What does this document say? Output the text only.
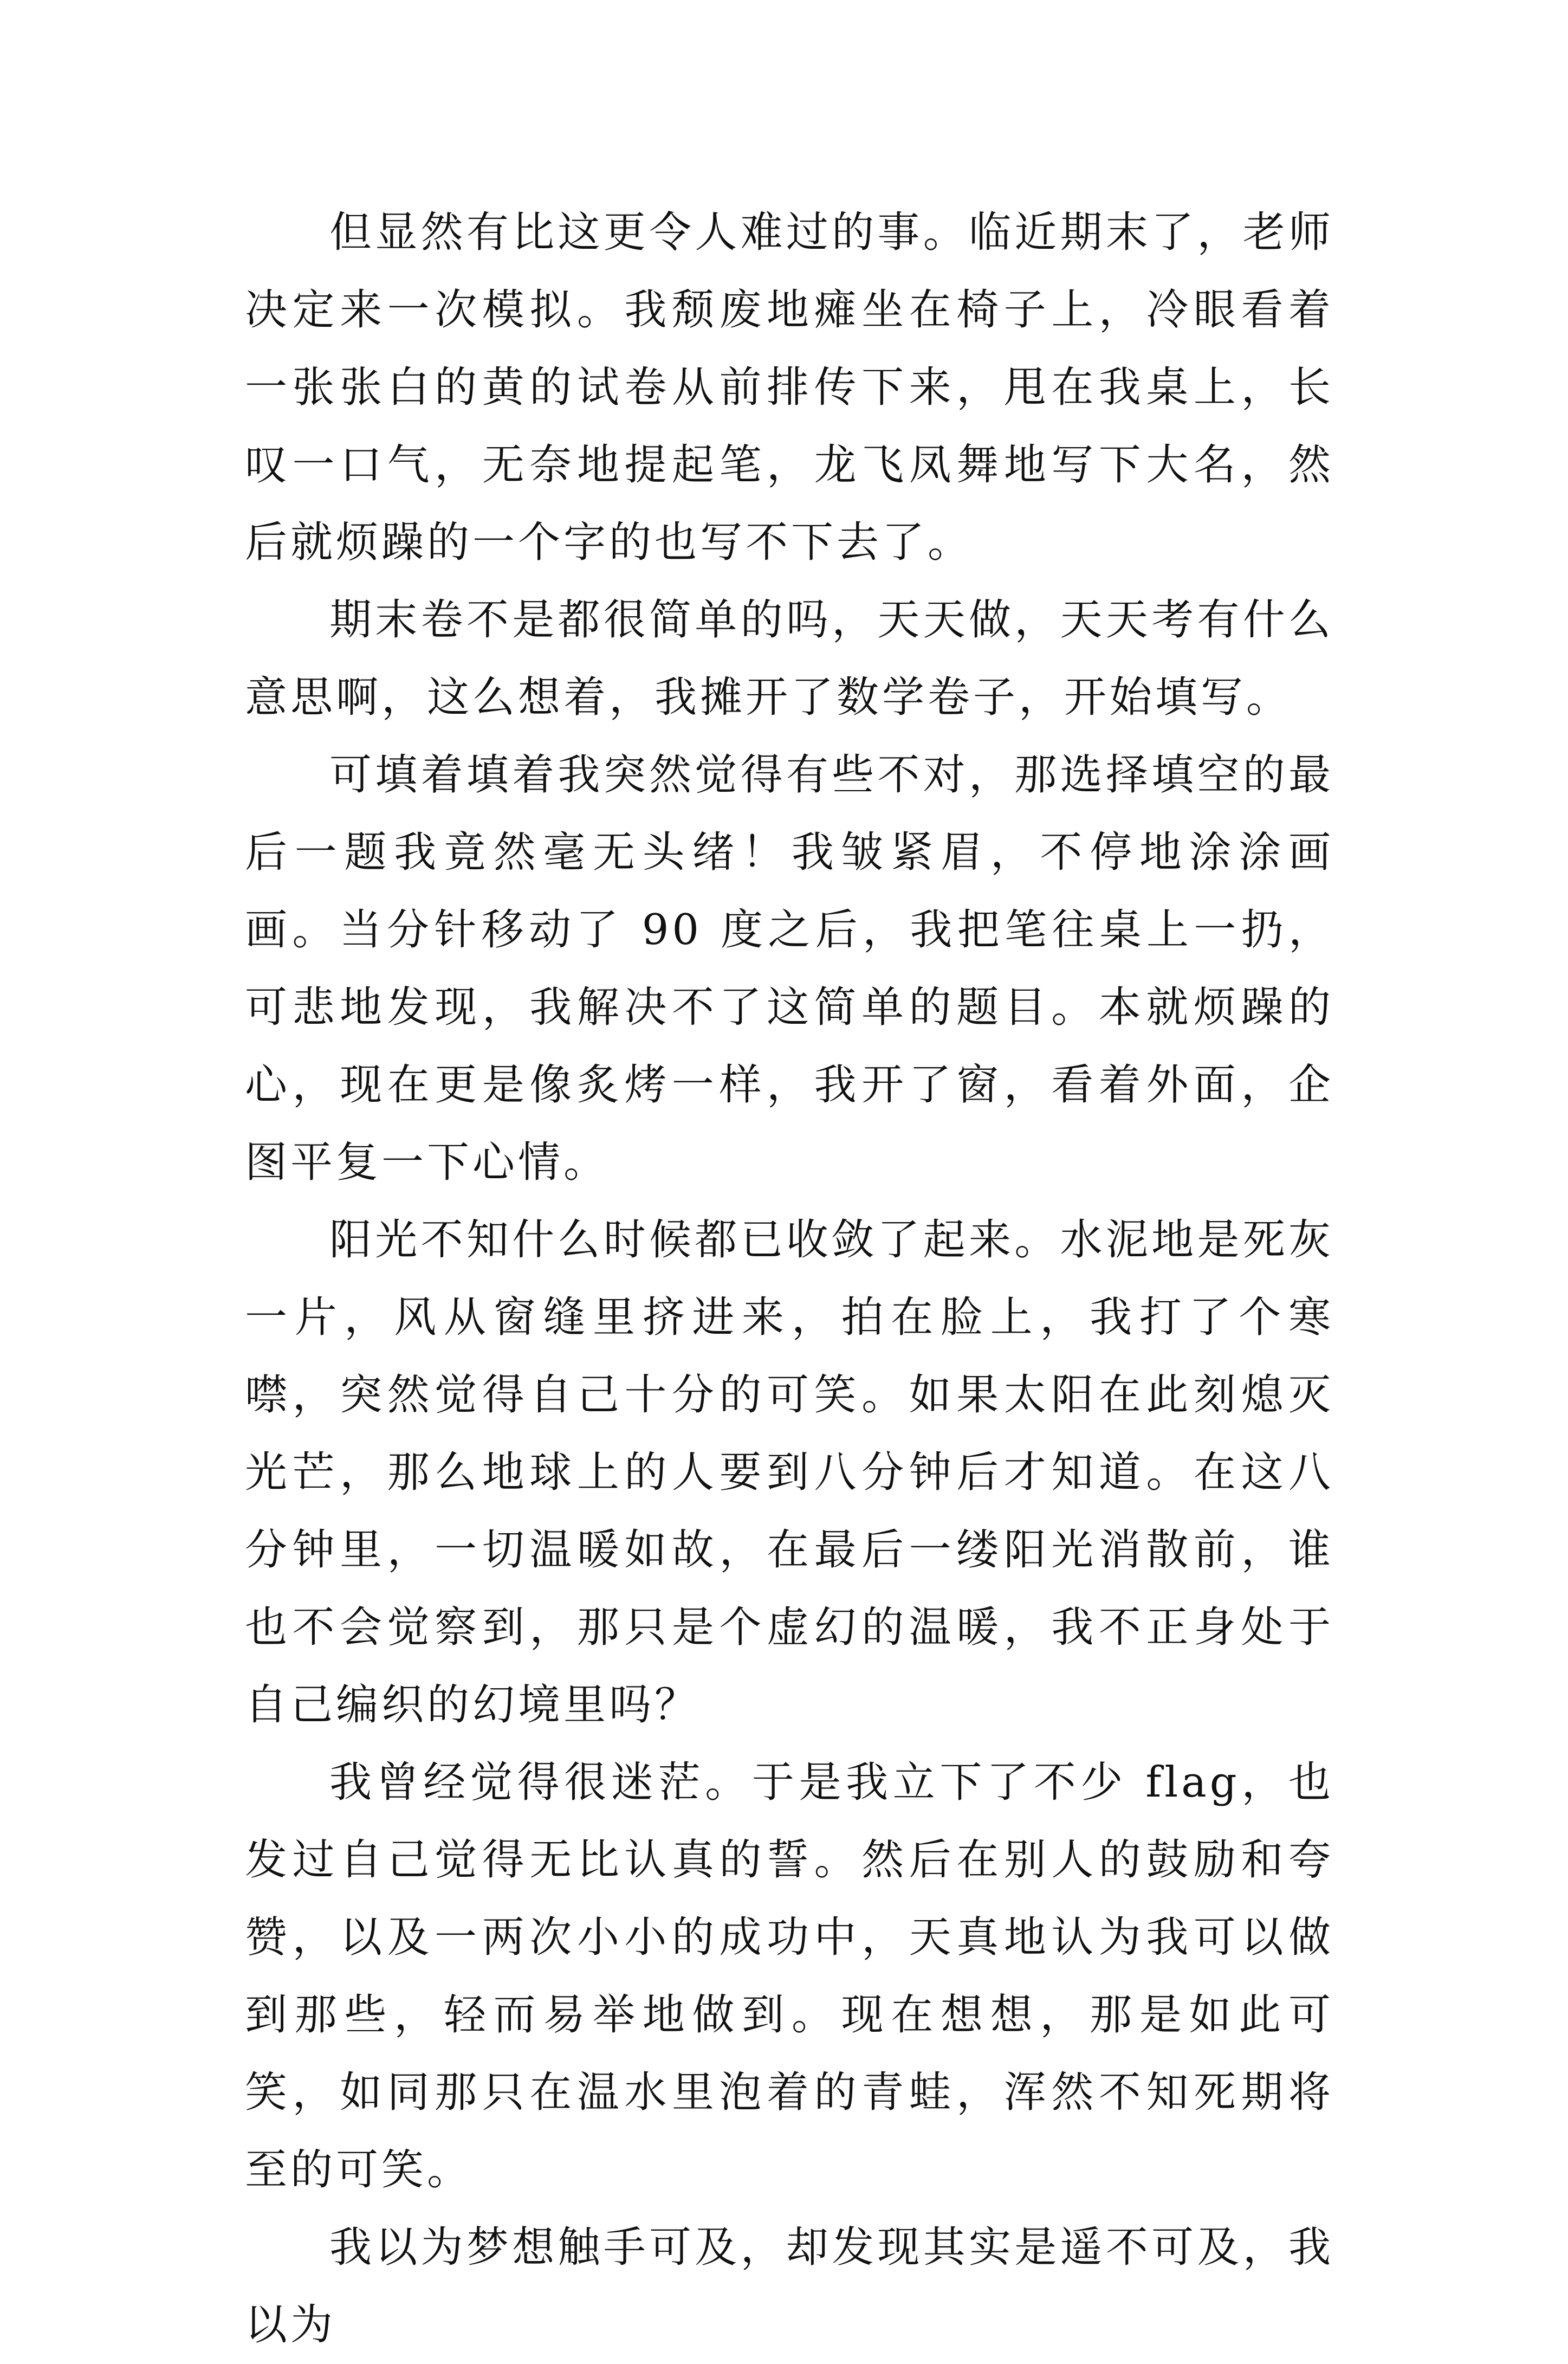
但显然有比这更令人难过的事。临近期末了，老师决定来一次模拟。我颓废地瘫坐在椅子上，冷眼看着一张张白的黄的试卷从前排传下来，甩在我桌上，长叹一口气，无奈地提起笔，龙飞凤舞地写下大名，然后就烦躁的一个字的也写不下去了。

期末卷不是都很简单的吗，天天做，天天考有什么意思啊，这么想着，我摊开了数学卷子，开始填写。

可填着填着我突然觉得有些不对，那选择填空的最后一题我竟然毫无头绪！我皱紧眉，不停地涂涂画画。当分针移动了 90 度之后，我把笔往桌上一扔，可悲地发现，我解决不了这简单的题目。本就烦躁的心，现在更是像炙烤一样，我开了窗，看着外面，企图平复一下心情。

阳光不知什么时候都已收敛了起来。水泥地是死灰一片，风从窗缝里挤进来，拍在脸上，我打了个寒噤，突然觉得自己十分的可笑。如果太阳在此刻熄灭光芒，那么地球上的人要到八分钟后才知道。在这八分钟里，一切温暖如故，在最后一缕阳光消散前，谁也不会觉察到，那只是个虚幻的温暖，我不正身处于自己编织的幻境里吗？

我曾经觉得很迷茫。于是我立下了不少 flag，也发过自己觉得无比认真的誓。然后在别人的鼓励和夸赞，以及一两次小小的成功中，天真地认为我可以做到那些，轻而易举地做到。现在想想，那是如此可笑，如同那只在温水里泡着的青蛙，浑然不知死期将至的可笑。

我以为梦想触手可及，却发现其实是遥不可及，我以为
